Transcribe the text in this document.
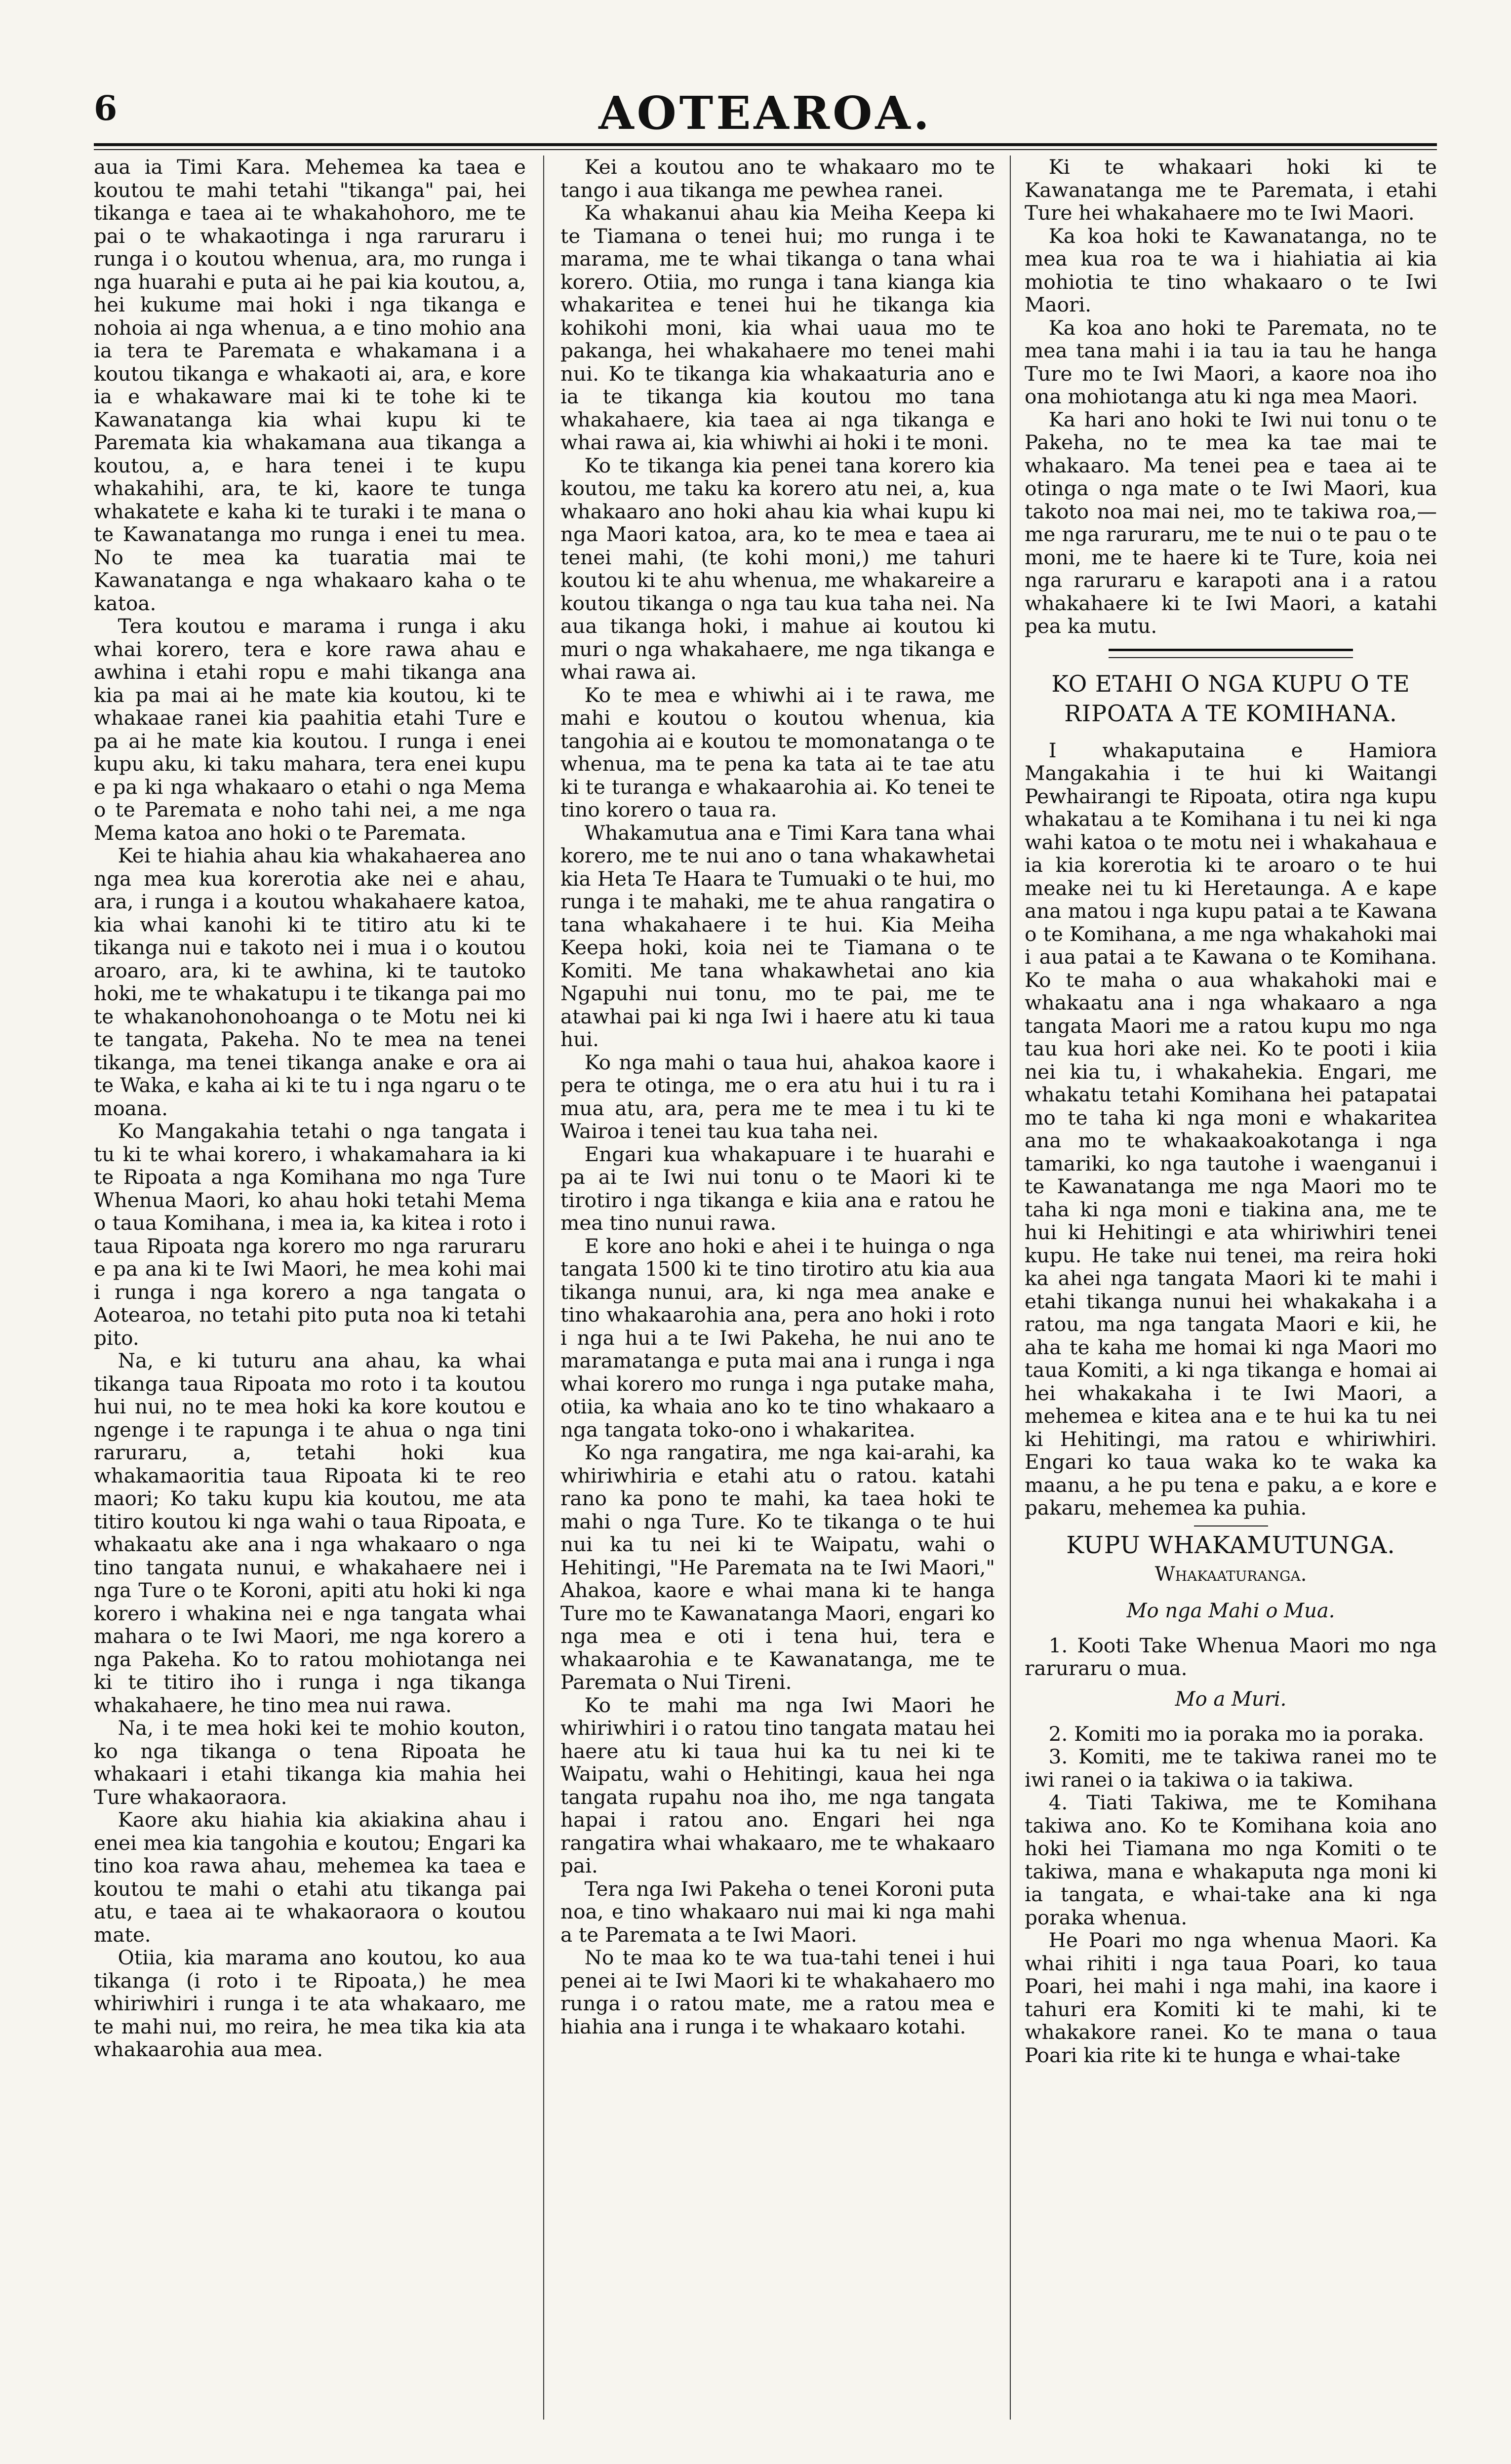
6	AOTEAROA.

aua ia Timi Kara. Mehemea ka taea e koutou te mahi tetahi "tikanga" pai, hei tikanga e taea ai te whakahohoro, me te pai o te whakaotinga i nga raruraru i runga i o koutou whenua, ara, mo runga i nga huarahi e puta ai he pai kia koutou, a, hei kukume mai hoki i nga tikanga e nohoia ai nga whenua, a e tino mohio ana ia tera te Paremata e whakamana i a koutou tikanga e whakaoti ai, ara, e kore ia e whakaware mai ki te tohe ki te Kawanatanga kia whai kupu ki te Paremata kia whakamana aua tikanga a koutou, a, e hara tenei i te kupu whakahihi, ara, te ki, kaore te tunga whakatete e kaha ki te turaki i te mana o te Kawanatanga mo runga i enei tu mea. No te mea ka tuaratia mai te Kawanatanga e nga whakaaro kaha o te katoa.

Tera koutou e marama i runga i aku whai korero, tera e kore rawa ahau e awhina i etahi ropu e mahi tikanga ana kia pa mai ai he mate kia koutou, ki te whakaae ranei kia paahitia etahi Ture e pa ai he mate kia koutou. I runga i enei kupu aku, ki taku mahara, tera enei kupu e pa ki nga whakaaro o etahi o nga Mema o te Paremata e noho tahi nei, a me nga Mema katoa ano hoki o te Paremata.

Kei te hiahia ahau kia whakahaerea ano nga mea kua korerotia ake nei e ahau, ara, i runga i a koutou whakahaere katoa, kia whai kanohi ki te titiro atu ki te tikanga nui e takoto nei i mua i o koutou aroaro, ara, ki te awhina, ki te tautoko hoki, me te whakatupu i te tikanga pai mo te whakanohonohoanga o te Motu nei ki te tangata, Pakeha. No te mea na tenei tikanga, ma tenei tikanga anake e ora ai te Waka, e kaha ai ki te tu i nga ngaru o te moana.

Ko Mangakahia tetahi o nga tangata i tu ki te whai korero, i whakamahara ia ki te Ripoata a nga Komihana mo nga Ture Whenua Maori, ko ahau hoki tetahi Mema o taua Komihana, i mea ia, ka kitea i roto i taua Ripoata nga korero mo nga raruraru e pa ana ki te Iwi Maori, he mea kohi mai i runga i nga korero a nga tangata o Aotearoa, no tetahi pito puta noa ki tetahi pito.

Na, e ki tuturu ana ahau, ka whai tikanga taua Ripoata mo roto i ta koutou hui nui, no te mea hoki ka kore koutou e ngenge i te rapunga i te ahua o nga tini raruraru, a, tetahi hoki kua whakamaoritia taua Ripoata ki te reo maori; Ko taku kupu kia koutou, me ata titiro koutou ki nga wahi o taua Ripoata, e whakaatu ake ana i nga whakaaro o nga tino tangata nunui, e whakahaere nei i nga Ture o te Koroni, apiti atu hoki ki nga korero i whakina nei e nga tangata whai mahara o te Iwi Maori, me nga korero a nga Pakeha. Ko to ratou mohiotanga nei ki te titiro iho i runga i nga tikanga whakahaere, he tino mea nui rawa.

Na, i te mea hoki kei te mohio kouton, ko nga tikanga o tena Ripoata he whakaari i etahi tikanga kia mahia hei Ture whakaoraora.

Kaore aku hiahia kia akiakina ahau i enei mea kia tangohia e koutou; Engari ka tino koa rawa ahau, mehemea ka taea e koutou te mahi o etahi atu tikanga pai atu, e taea ai te whakaoraora o koutou mate.

Otiia, kia marama ano koutou, ko aua tikanga (i roto i te Ripoata,) he mea whiriwhiri i runga i te ata whakaaro, me te mahi nui, mo reira, he mea tika kia ata whakaarohia aua mea.

Kei a koutou ano te whakaaro mo te tango i aua tikanga me pewhea ranei.

Ka whakanui ahau kia Meiha Keepa ki te Tiamana o tenei hui; mo runga i te marama, me te whai tikanga o tana whai korero. Otiia, mo runga i tana kianga kia whakaritea e tenei hui he tikanga kia kohikohi moni, kia whai uaua mo te pakanga, hei whakahaere mo tenei mahi nui. Ko te tikanga kia whakaaturia ano e ia te tikanga kia koutou mo tana whakahaere, kia taea ai nga tikanga e whai rawa ai, kia whiwhi ai hoki i te moni.

Ko te tikanga kia penei tana korero kia koutou, me taku ka korero atu nei, a, kua whakaaro ano hoki ahau kia whai kupu ki nga Maori katoa, ara, ko te mea e taea ai tenei mahi, (te kohi moni,) me tahuri koutou ki te ahu whenua, me whakareire a koutou tikanga o nga tau kua taha nei. Na aua tikanga hoki, i mahue ai koutou ki muri o nga whakahaere, me nga tikanga e whai rawa ai.

Ko te mea e whiwhi ai i te rawa, me mahi e koutou o koutou whenua, kia tangohia ai e koutou te momonatanga o te whenua, ma te pena ka tata ai te tae atu ki te turanga e whakaarohia ai. Ko tenei te tino korero o taua ra.

Whakamutua ana e Timi Kara tana whai korero, me te nui ano o tana whakawhetai kia Heta Te Haara te Tumuaki o te hui, mo runga i te mahaki, me te ahua rangatira o tana whakahaere i te hui. Kia Meiha Keepa hoki, koia nei te Tiamana o te Komiti. Me tana whakawhetai ano kia Ngapuhi nui tonu, mo te pai, me te atawhai pai ki nga Iwi i haere atu ki taua hui.

Ko nga mahi o taua hui, ahakoa kaore i pera te otinga, me o era atu hui i tu ra i mua atu, ara, pera me te mea i tu ki te Wairoa i tenei tau kua taha nei.

Engari kua whakapuare i te huarahi e pa ai te Iwi nui tonu o te Maori ki te tirotiro i nga tikanga e kiia ana e ratou he mea tino nunui rawa.

E kore ano hoki e ahei i te huinga o nga tangata 1500 ki te tino tirotiro atu kia aua tikanga nunui, ara, ki nga mea anake e tino whakaarohia ana, pera ano hoki i roto i nga hui a te Iwi Pakeha, he nui ano te maramatanga e puta mai ana i runga i nga whai korero mo runga i nga putake maha, otiia, ka whaia ano ko te tino whakaaro a nga tangata toko-ono i whakaritea.

Ko nga rangatira, me nga kai-arahi, ka whiriwhiria e etahi atu o ratou. katahi rano ka pono te mahi, ka taea hoki te mahi o nga Ture. Ko te tikanga o te hui nui ka tu nei ki te Waipatu, wahi o Hehitingi, "He Paremata na te Iwi Maori," Ahakoa, kaore e whai mana ki te hanga Ture mo te Kawanatanga Maori, engari ko nga mea e oti i tena hui, tera e whakaarohia e te Kawanatanga, me te Paremata o Nui Tireni.

Ko te mahi ma nga Iwi Maori he whiriwhiri i o ratou tino tangata matau hei haere atu ki taua hui ka tu nei ki te Waipatu, wahi o Hehitingi, kaua hei nga tangata rupahu noa iho, me nga tangata hapai i ratou ano. Engari hei nga rangatira whai whakaaro, me te whakaaro pai.

Tera nga Iwi Pakeha o tenei Koroni puta noa, e tino whakaaro nui mai ki nga mahi a te Paremata a te Iwi Maori.

No te maa ko te wa tua-tahi tenei i hui penei ai te Iwi Maori ki te whakahaero mo runga i o ratou mate, me a ratou mea e hiahia ana i runga i te whakaaro kotahi.

Ki te whakaari hoki ki te Kawanatanga me te Paremata, i etahi Ture hei whakahaere mo te Iwi Maori.

Ka koa hoki te Kawanatanga, no te mea kua roa te wa i hiahiatia ai kia mohiotia te tino whakaaro o te Iwi Maori.

Ka koa ano hoki te Paremata, no te mea tana mahi i ia tau ia tau he hanga Ture mo te Iwi Maori, a kaore noa iho ona mohiotanga atu ki nga mea Maori.

Ka hari ano hoki te Iwi nui tonu o te Pakeha, no te mea ka tae mai te whakaaro. Ma tenei pea e taea ai te otinga o nga mate o te Iwi Maori, kua takoto noa mai nei, mo te takiwa roa,—me nga raruraru, me te nui o te pau o te moni, me te haere ki te Ture, koia nei nga raruraru e karapoti ana i a ratou whakahaere ki te Iwi Maori, a katahi pea ka mutu.

KO ETAHI O NGA KUPU O TE RIPOATA A TE KOMIHANA.

I whakaputaina e Hamiora Mangakahia i te hui ki Waitangi Pewhairangi te Ripoata, otira nga kupu whakatau a te Komihana i tu nei ki nga wahi katoa o te motu nei i whakahaua e ia kia korerotia ki te aroaro o te hui meake nei tu ki Heretaunga. A e kape ana matou i nga kupu patai a te Kawana o te Komihana, a me nga whakahoki mai i aua patai a te Kawana o te Komihana. Ko te maha o aua whakahoki mai e whakaatu ana i nga whakaaro a nga tangata Maori me a ratou kupu mo nga tau kua hori ake nei. Ko te pooti i kiia nei kia tu, i whakahekia. Engari, me whakatu tetahi Komihana hei patapatai mo te taha ki nga moni e whakaritea ana mo te whakaakoakotanga i nga tamariki, ko nga tautohe i waenganui i te Kawanatanga me nga Maori mo te taha ki nga moni e tiakina ana, me te hui ki Hehitingi e ata whiriwhiri tenei kupu. He take nui tenei, ma reira hoki ka ahei nga tangata Maori ki te mahi i etahi tikanga nunui hei whakakaha i a ratou, ma nga tangata Maori e kii, he aha te kaha me homai ki nga Maori mo taua Komiti, a ki nga tikanga e homai ai hei whakakaha i te Iwi Maori, a mehemea e kitea ana e te hui ka tu nei ki Hehitingi, ma ratou e whiriwhiri. Engari ko taua waka ko te waka ka maanu, a he pu tena e paku, a e kore e pakaru, mehemea ka puhia.

KUPU WHAKAMUTUNGA.
Whakaaturanga.
Mo nga Mahi o Mua.

1. Kooti Take Whenua Maori mo nga raruraru o mua.

Mo a Muri.

2. Komiti mo ia poraka mo ia poraka.

3. Komiti, me te takiwa ranei mo te iwi ranei o ia takiwa o ia takiwa.

4. Tiati Takiwa, me te Komihana takiwa ano. Ko te Komihana koia ano hoki hei Tiamana mo nga Komiti o te takiwa, mana e whakaputa nga moni ki ia tangata, e whai-take ana ki nga poraka whenua.

He Poari mo nga whenua Maori. Ka whai rihiti i nga taua Poari, ko taua Poari, hei mahi i nga mahi, ina kaore i tahuri era Komiti ki te mahi, ki te whakakore ranei. Ko te mana o taua Poari kia rite ki te hunga e whai-take
